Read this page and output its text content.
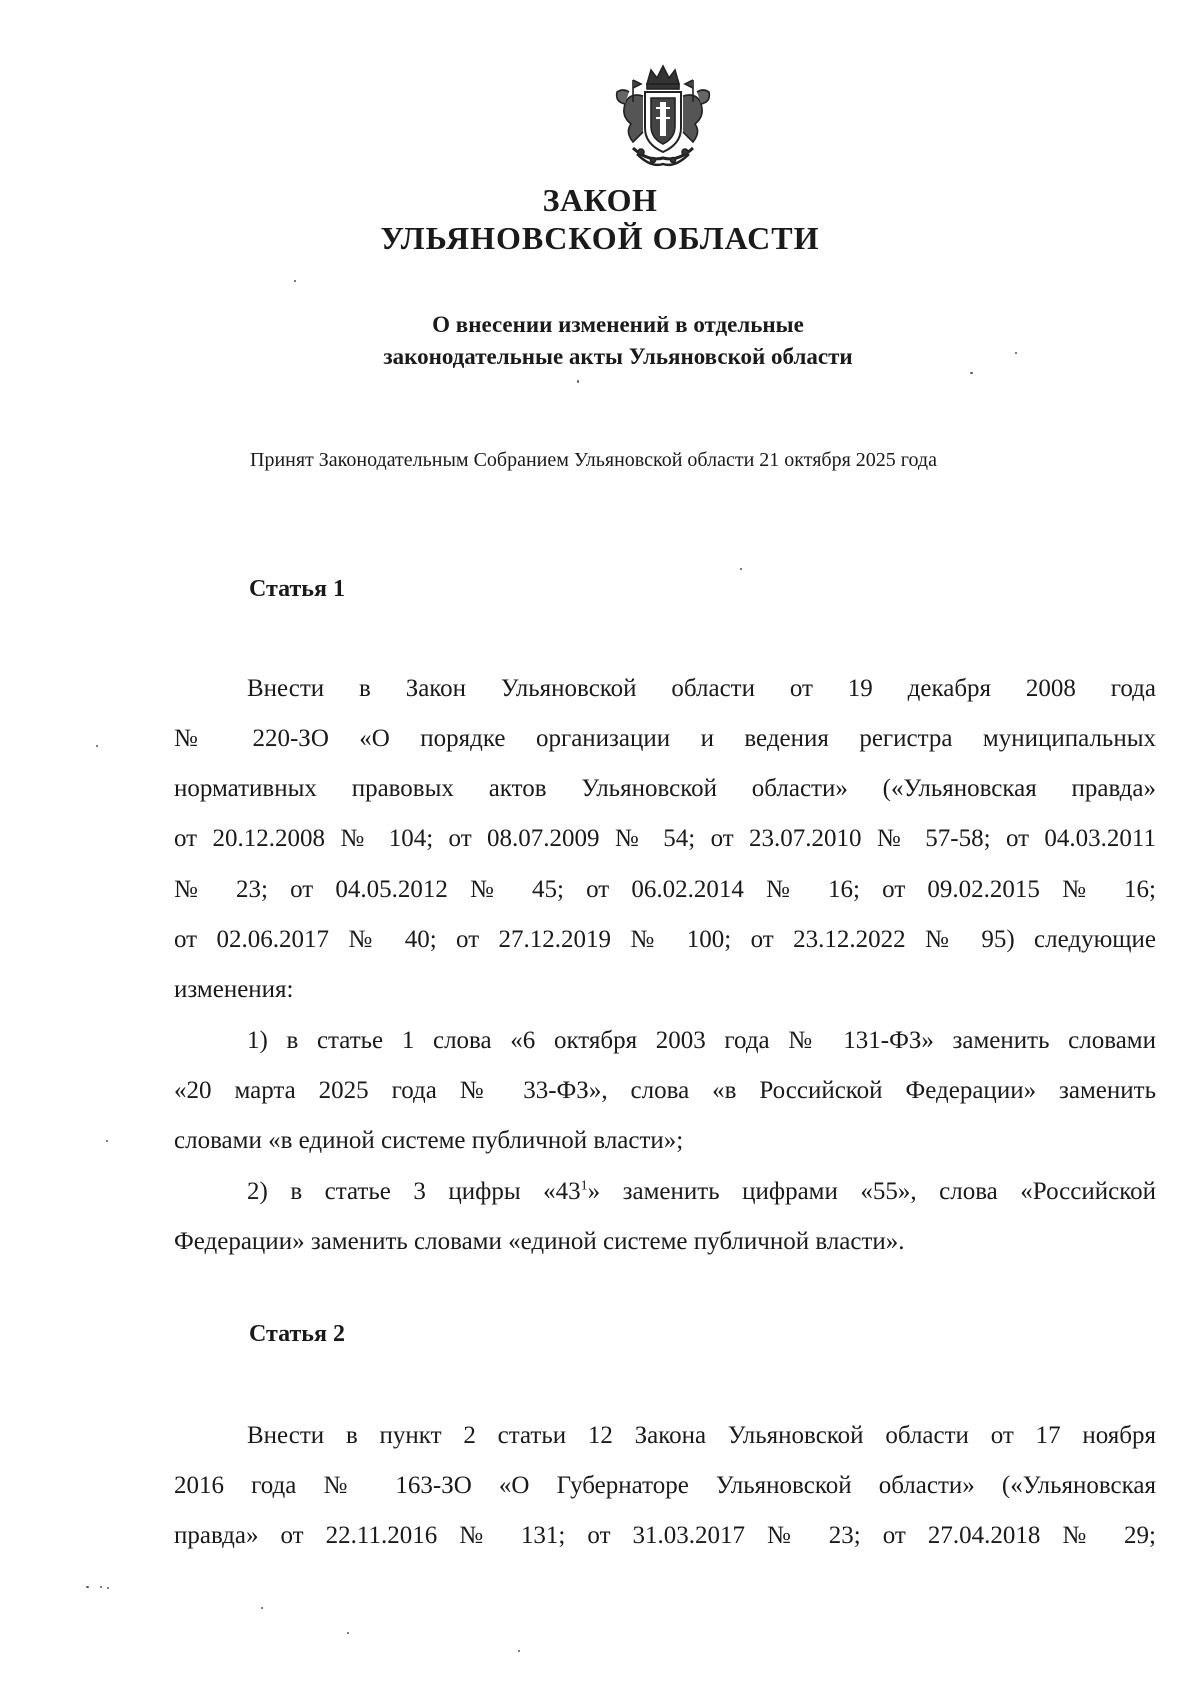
ЗАКОН
УЛЬЯНОВСКОЙ ОБЛАСТИ
О внесении изменений в отдельные
законодательные акты Ульяновской области
Принят Законодательным Собранием Ульяновской области 21 октября 2025 года
Статья 1
Внести в Закон Ульяновской области от 19 декабря 2008 года
№ 220-ЗО «О порядке организации и ведения регистра муниципальных
нормативных правовых актов Ульяновской области» («Ульяновская правда»
от 20.12.2008 № 104; от 08.07.2009 № 54; от 23.07.2010 № 57-58; от 04.03.2011
№ 23; от 04.05.2012 № 45; от 06.02.2014 № 16; от 09.02.2015 № 16;
от 02.06.2017 № 40; от 27.12.2019 № 100; от 23.12.2022 № 95) следующие
изменения:
1) в статье 1 слова «6 октября 2003 года № 131-ФЗ» заменить словами
«20 марта 2025 года № 33-ФЗ», слова «в Российской Федерации» заменить
словами «в единой системе публичной власти»;
2) в статье 3 цифры «$43^1$» заменить цифрами «55», слова «Российской
Федерации» заменить словами «единой системе публичной власти».
Статья 2
Внести в пункт 2 статьи 12 Закона Ульяновской области от 17 ноября
2016 года № 163-ЗО «О Губернаторе Ульяновской области» («Ульяновская
правда» от 22.11.2016 № 131; от 31.03.2017 № 23; от 27.04.2018 № 29;
